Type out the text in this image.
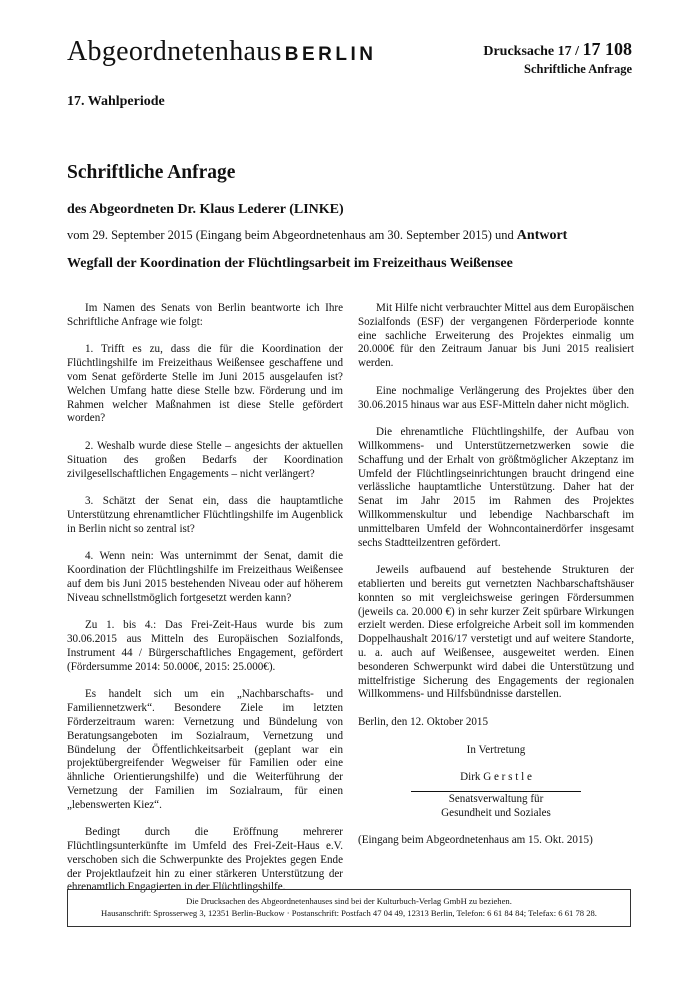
Abgeordnetenhaus BERLIN	Drucksache 17 / 17 108
Schriftliche Anfrage
17. Wahlperiode
Schriftliche Anfrage
des Abgeordneten Dr. Klaus Lederer (LINKE)
vom 29. September 2015 (Eingang beim Abgeordnetenhaus am 30. September 2015) und Antwort
Wegfall der Koordination der Flüchtlingsarbeit im Freizeithaus Weißensee

Im Namen des Senats von Berlin beantworte ich Ihre Schriftliche Anfrage wie folgt:

1. Trifft es zu, dass die für die Koordination der Flüchtlingshilfe im Freizeithaus Weißensee geschaffene und vom Senat geförderte Stelle im Juni 2015 ausgelaufen ist? Welchen Umfang hatte diese Stelle bzw. Förderung und im Rahmen welcher Maßnahmen ist diese Stelle gefördert worden?

2. Weshalb wurde diese Stelle – angesichts der aktuellen Situation des großen Bedarfs der Koordination zivilgesellschaftlichen Engagements – nicht verlängert?

3. Schätzt der Senat ein, dass die hauptamtliche Unterstützung ehrenamtlicher Flüchtlingshilfe im Augenblick in Berlin nicht so zentral ist?

4. Wenn nein: Was unternimmt der Senat, damit die Koordination der Flüchtlingshilfe im Freizeithaus Weißensee auf dem bis Juni 2015 bestehenden Niveau oder auf höherem Niveau schnellstmöglich fortgesetzt werden kann?

Zu 1. bis 4.: Das Frei-Zeit-Haus wurde bis zum 30.06.2015 aus Mitteln des Europäischen Sozialfonds, Instrument 44 / Bürgerschaftliches Engagement, gefördert (Fördersumme 2014: 50.000€, 2015: 25.000€).

Es handelt sich um ein „Nachbarschafts- und Familiennetzwerk“. Besondere Ziele im letzten Förderzeitraum waren: Vernetzung und Bündelung von Beratungsangeboten im Sozialraum, Vernetzung und Bündelung der Öffentlichkeitsarbeit (geplant war ein projektübergreifender Wegweiser für Familien oder eine ähnliche Orientierungshilfe) und die Weiterführung der Vernetzung der Familien im Sozialraum, für einen „lebenswerten Kiez“.

Bedingt durch die Eröffnung mehrerer Flüchtlingsunterkünfte im Umfeld des Frei-Zeit-Haus e.V. verschoben sich die Schwerpunkte des Projektes gegen Ende der Projektlaufzeit hin zu einer stärkeren Unterstützung der ehrenamtlich Engagierten in der Flüchtlingshilfe.

Mit Hilfe nicht verbrauchter Mittel aus dem Europäischen Sozialfonds (ESF) der vergangenen Förderperiode konnte eine sachliche Erweiterung des Projektes einmalig um 20.000€ für den Zeitraum Januar bis Juni 2015 realisiert werden.

Eine nochmalige Verlängerung des Projektes über den 30.06.2015 hinaus war aus ESF-Mitteln daher nicht möglich.

Die ehrenamtliche Flüchtlingshilfe, der Aufbau von Willkommens- und Unterstützernetzwerken sowie die Schaffung und der Erhalt von größtmöglicher Akzeptanz im Umfeld der Flüchtlingseinrichtungen braucht dringend eine verlässliche hauptamtliche Unterstützung. Daher hat der Senat im Jahr 2015 im Rahmen des Projektes Willkommenskultur und lebendige Nachbarschaft im unmittelbaren Umfeld der Wohncontainerdörfer insgesamt sechs Stadtteilzentren gefördert.

Jeweils aufbauend auf bestehende Strukturen der etablierten und bereits gut vernetzten Nachbarschaftshäuser konnten so mit vergleichsweise geringen Fördersummen (jeweils ca. 20.000 €) in sehr kurzer Zeit spürbare Wirkungen erzielt werden. Diese erfolgreiche Arbeit soll im kommenden Doppelhaushalt 2016/17 verstetigt und auf weitere Standorte, u. a. auch auf Weißensee, ausgeweitet werden. Einen besonderen Schwerpunkt wird dabei die Unterstützung und mittelfristige Sicherung des Engagements der regionalen Willkommens- und Hilfsbündnisse darstellen.

Berlin, den 12. Oktober 2015
In Vertretung
Dirk G e r s t l e
Senatsverwaltung für
Gesundheit und Soziales
(Eingang beim Abgeordnetenhaus am 15. Okt. 2015)
Die Drucksachen des Abgeordnetenhauses sind bei der Kulturbuch-Verlag GmbH zu beziehen.
Hausanschrift: Sprosserweg 3, 12351 Berlin-Buckow · Postanschrift: Postfach 47 04 49, 12313 Berlin, Telefon: 6 61 84 84; Telefax: 6 61 78 28.
